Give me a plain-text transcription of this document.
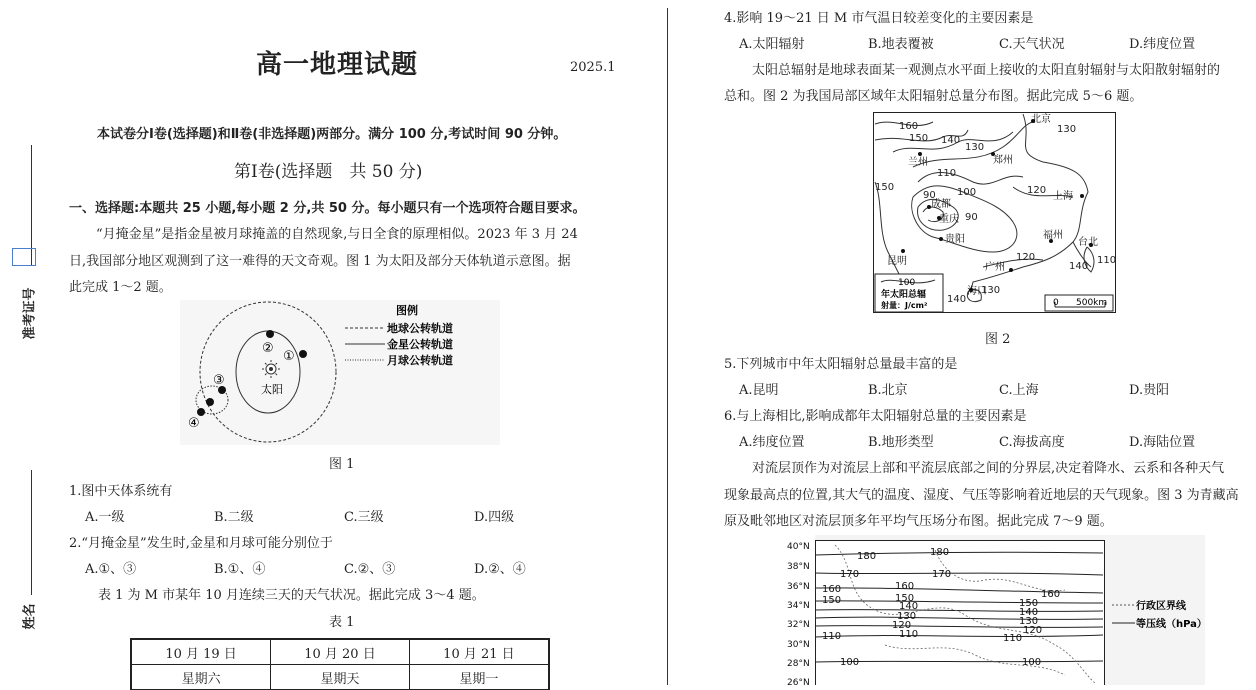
准考证号
姓名
高一地理试题	2025.1
本试卷分Ⅰ卷(选择题)和Ⅱ卷(非选择题)两部分。满分 100 分,考试时间 90 分钟。
第Ⅰ卷(选择题　共 50 分)
一、选择题:本题共 25 小题,每小题 2 分,共 50 分。每小题只有一个选项符合题目要求。
“月掩金星”是指金星被月球掩盖的自然现象,与日全食的原理相似。2023 年 3 月 24
日,我国部分地区观测到了这一难得的天文奇观。图 1 为太阳及部分天体轨道示意图。据
此完成 1～2 题。
太阳
②
①
③
④
图例
地球公转轨道
金星公转轨道
月球公转轨道
图 1
1.图中天体系统有
A.一级	B.二级	C.三级	D.四级
2.“月掩金星”发生时,金星和月球可能分别位于
A.①、③	B.①、④	C.②、③	D.②、④
表 1 为 M 市某年 10 月连续三天的天气状况。据此完成 3～4 题。
表 1
10 月 19 日	10 月 20 日	10 月 21 日
星期六	星期天	星期一
4.影响 19～21 日 M 市气温日较差变化的主要因素是
A.太阳辐射	B.地表覆被	C.天气状况	D.纬度位置
太阳总辐射是地球表面某一观测点水平面上接收的太阳直射辐射与太阳散射辐射的
总和。图 2 为我国局部区域年太阳辐射总量分布图。据此完成 5～6 题。
160
150 140
130
110
100	120
90
90
150
120
140
110
130
140
130
北京
兰州	郑州
成都
重庆
贵阳
上海
福州
台北
昆明
广州
海口
100
年太阳总辐
射量：J/cm²	0 500km
图 2
5.下列城市中年太阳辐射总量最丰富的是
A.昆明	B.北京	C.上海	D.贵阳
6.与上海相比,影响成都年太阳辐射总量的主要因素是
A.纬度位置	B.地形类型	C.海拔高度	D.海陆位置
对流层顶作为对流层上部和平流层底部之间的分界层,决定着降水、云系和各种天气
现象最高点的位置,其大气的温度、湿度、气压等影响着近地层的天气现象。图 3 为青藏高
原及毗邻地区对流层顶多年平均气压场分布图。据此完成 7～9 题。
40°N
38°N
36°N
34°N
32°N
30°N
28°N
26°N
180	180
170	170
160	160
160
150	150	150
140
140
130	130
120	120
110	110	110
100	100
行政区界线
等压线（hPa）
